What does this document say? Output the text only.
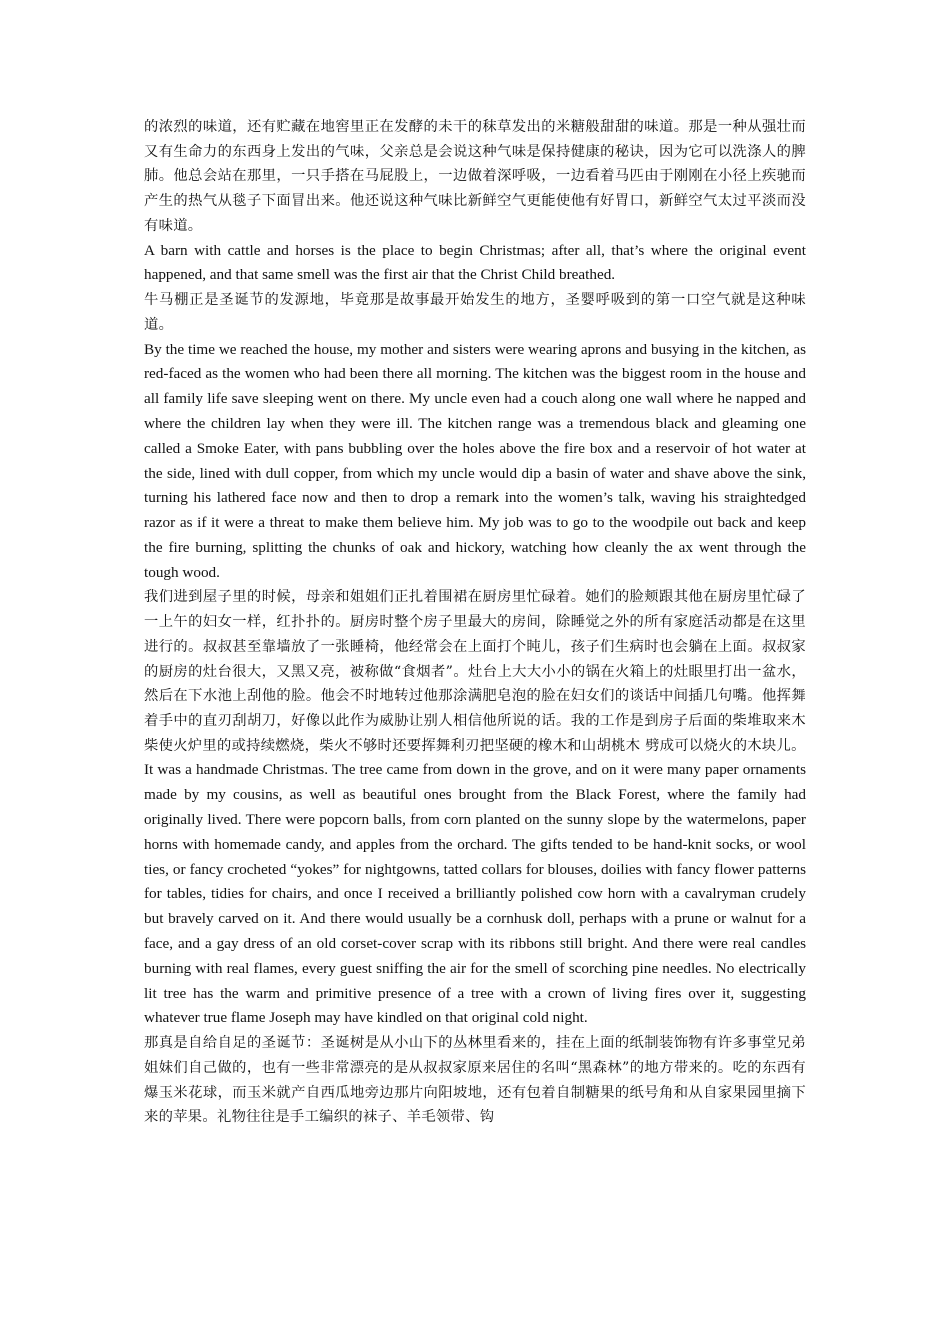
的浓烈的味道，还有贮藏在地窖里正在发酵的未干的秣草发出的米糖般甜甜的味道。那是一种从强壮而又有生命力的东西身上发出的气味，父亲总是会说这种气味是保持健康的秘诀，因为它可以洗涤人的脾肺。他总会站在那里，一只手搭在马屁股上，一边做着深呼吸，一边看着马匹由于刚刚在小径上疾驰而产生的热气从毯子下面冒出来。他还说这种气味比新鲜空气更能使他有好胃口，新鲜空气太过平淡而没有味道。

A barn with cattle and horses is the place to begin Christmas; after all, that’s where the original event happened, and that same smell was the first air that the Christ Child breathed.

牛马棚正是圣诞节的发源地，毕竟那是故事最开始发生的地方，圣婴呼吸到的第一口空气就是这种味道。

By the time we reached the house, my mother and sisters were wearing aprons and busying in the kitchen, as red-faced as the women who had been there all morning. The kitchen was the biggest room in the house and all family life save sleeping went on there. My uncle even had a couch along one wall where he napped and where the children lay when they were ill. The kitchen range was a tremendous black and gleaming one called a Smoke Eater, with pans bubbling over the holes above the fire box and a reservoir of hot water at the side, lined with dull copper, from which my uncle would dip a basin of water and shave above the sink, turning his lathered face now and then to drop a remark into the women’s talk, waving his straightedged razor as if it were a threat to make them believe him. My job was to go to the woodpile out back and keep the fire burning, splitting the chunks of oak and hickory, watching how cleanly the ax went through the tough wood.

我们进到屋子里的时候，母亲和姐姐们正扎着围裙在厨房里忙碌着。她们的脸颊跟其他在厨房里忙碌了一上午的妇女一样，红扑扑的。厨房时整个房子里最大的房间，除睡觉之外的所有家庭活动都是在这里进行的。叔叔甚至靠墙放了一张睡椅，他经常会在上面打个盹儿，孩子们生病时也会躺在上面。叔叔家的厨房的灶台很大，又黑又亮，被称做“食烟者”。灶台上大大小小的锅在火箱上的灶眼里打出一盆水，然后在下水池上刮他的脸。他会不时地转过他那涂满肥皂泡的脸在妇女们的谈话中间插几句嘴。他挥舞着手中的直刃刮胡刀，好像以此作为威胁让别人相信他所说的话。我的工作是到房子后面的柴堆取来木柴使火炉里的或持续燃烧，柴火不够时还要挥舞利刃把坚硬的橡木和山胡桃木 劈成可以烧火的木块儿。

It was a handmade Christmas. The tree came from down in the grove, and on it were many paper ornaments made by my cousins, as well as beautiful ones brought from the Black Forest, where the family had originally lived. There were popcorn balls, from corn planted on the sunny slope by the watermelons, paper horns with homemade candy, and apples from the orchard. The gifts tended to be hand-knit socks, or wool ties, or fancy crocheted “yokes” for nightgowns, tatted collars for blouses, doilies with fancy flower patterns for tables, tidies for chairs, and once I received a brilliantly polished cow horn with a cavalryman crudely but bravely carved on it. And there would usually be a cornhusk doll, perhaps with a prune or walnut for a face, and a gay dress of an old corset-cover scrap with its ribbons still bright. And there were real candles burning with real flames, every guest sniffing the air for the smell of scorching pine needles. No electrically lit tree has the warm and primitive presence of a tree with a crown of living fires over it, suggesting whatever true flame Joseph may have kindled on that original cold night.

那真是自给自足的圣诞节：圣诞树是从小山下的丛林里看来的，挂在上面的纸制装饰物有许多事堂兄弟姐妹们自己做的，也有一些非常漂亮的是从叔叔家原来居住的名叫“黑森林”的地方带来的。吃的东西有爆玉米花球，而玉米就产自西瓜地旁边那片向阳坡地，还有包着自制糖果的纸号角和从自家果园里摘下来的苹果。礼物往往是手工编织的袜子、羊毛领带、钩
